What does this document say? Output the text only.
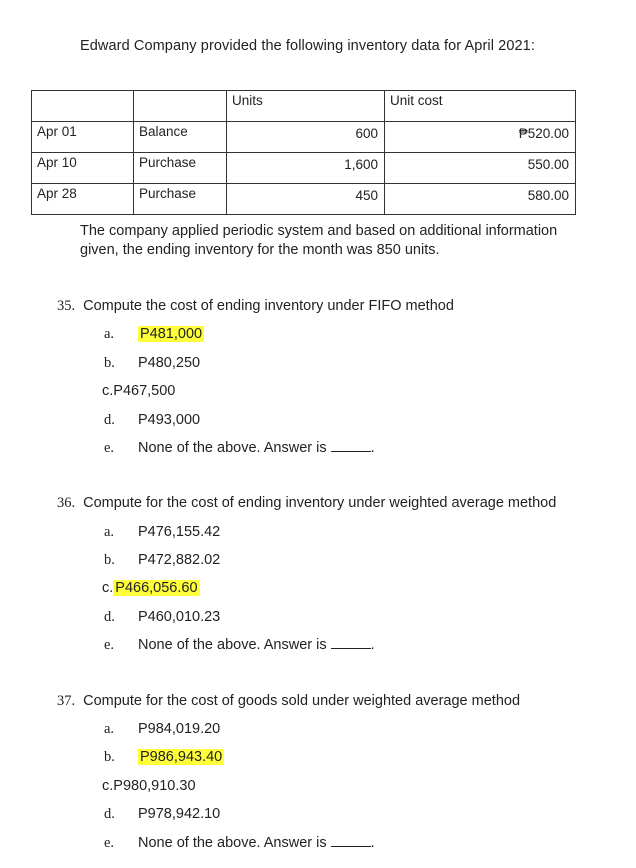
Edward Company provided the following inventory data for April 2021:
		Units	Unit cost
Apr 01	Balance	600	₱520.00
Apr 10	Purchase	1,600	550.00
Apr 28	Purchase	450	580.00
The company applied periodic system and based on additional information given, the ending inventory for the month was 850 units.
35. Compute the cost of ending inventory under FIFO method
a. P481,000
b. P480,250
c.P467,500
d. P493,000
e. None of the above. Answer is	.
36. Compute for the cost of ending inventory under weighted average method
a. P476,155.42
b. P472,882.02
c. P466,056.60
d. P460,010.23
e. None of the above. Answer is	.
37. Compute for the cost of goods sold under weighted average method
a. P984,019.20
b. P986,943.40
c.P980,910.30
d. P978,942.10
e. None of the above. Answer is	.
